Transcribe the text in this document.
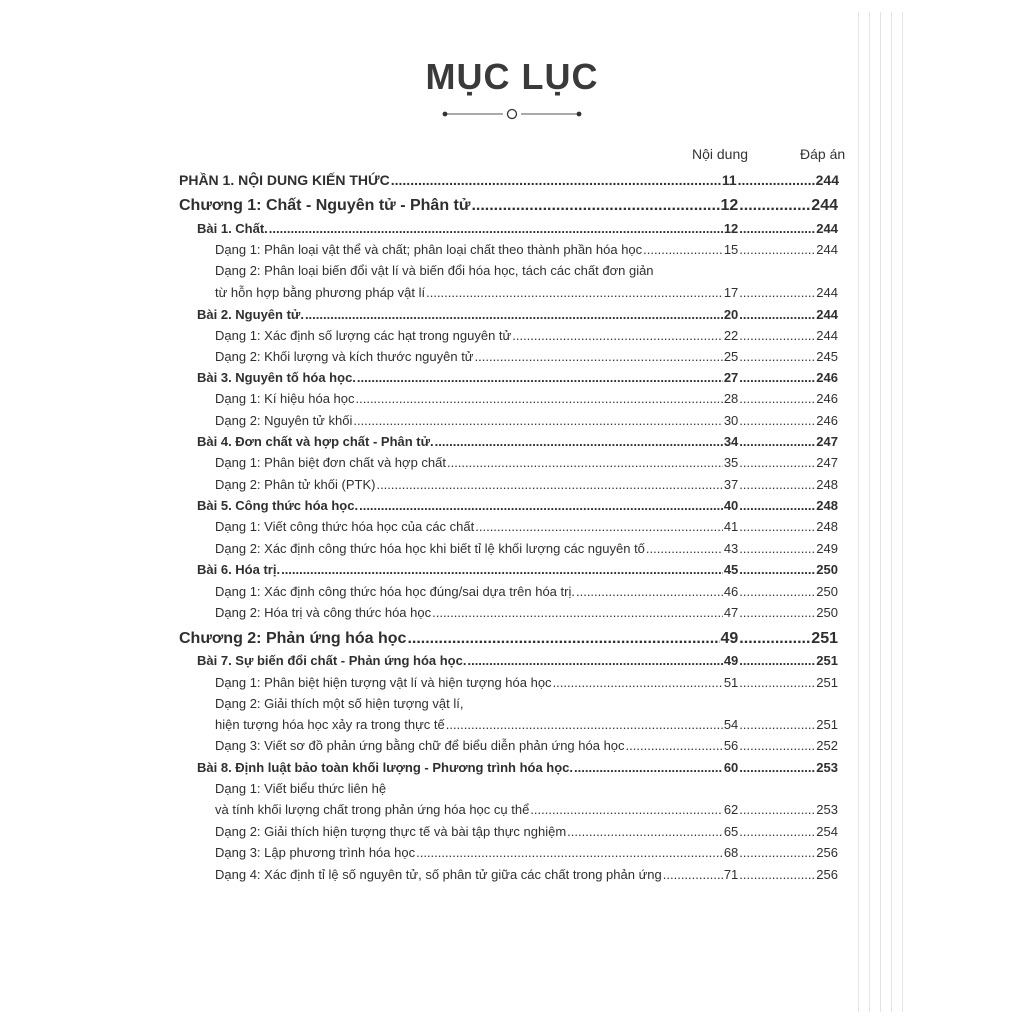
MỤC LỤC
Nội dung	Đáp án
PHẦN 1. NỘI DUNG KIẾN THỨC .....	11 .....	244
Chương 1: Chất - Nguyên tử - Phân tử .....	12 .....	244
Bài 1. Chất. .....	12 .....	244
Dạng 1: Phân loại vật thể và chất; phân loại chất theo thành phần hóa học .....	15 .....	244
Dạng 2: Phân loại biến đổi vật lí và biến đổi hóa học, tách các chất đơn giản
từ hỗn hợp bằng phương pháp vật lí .....	17 .....	244
Bài 2. Nguyên tử. .....	20 .....	244
Dạng 1: Xác định số lượng các hạt trong nguyên tử .....	22 .....	244
Dạng 2: Khối lượng và kích thước nguyên tử .....	25 .....	245
Bài 3. Nguyên tố hóa học. .....	27 .....	246
Dạng 1: Kí hiệu hóa học .....	28 .....	246
Dạng 2: Nguyên tử khối .....	30 .....	246
Bài 4. Đơn chất và hợp chất - Phân tử. .....	34 .....	247
Dạng 1: Phân biệt đơn chất và hợp chất .....	35 .....	247
Dạng 2: Phân tử khối (PTK) .....	37 .....	248
Bài 5. Công thức hóa học. .....	40 .....	248
Dạng 1: Viết công thức hóa học của các chất .....	41 .....	248
Dạng 2: Xác định công thức hóa học khi biết tỉ lệ khối lượng các nguyên tố .....	43 .....	249
Bài 6. Hóa trị. .....	45 .....	250
Dạng 1: Xác định công thức hóa học đúng/sai dựa trên hóa trị. .....	46 .....	250
Dạng 2: Hóa trị và công thức hóa học .....	47 .....	250
Chương 2: Phản ứng hóa học .....	49 .....	251
Bài 7. Sự biến đổi chất - Phản ứng hóa học. .....	49 .....	251
Dạng 1: Phân biệt hiện tượng vật lí và hiện tượng hóa học .....	51 .....	251
Dạng 2: Giải thích một số hiện tượng vật lí,
hiện tượng hóa học xảy ra trong thực tế .....	54 .....	251
Dạng 3: Viết sơ đồ phản ứng bằng chữ để biểu diễn phản ứng hóa học .....	56 .....	252
Bài 8. Định luật bảo toàn khối lượng - Phương trình hóa học. .....	60 .....	253
Dạng 1: Viết biểu thức liên hệ
và tính khối lượng chất trong phản ứng hóa học cụ thể .....	62 .....	253
Dạng 2: Giải thích hiện tượng thực tế và bài tập thực nghiệm .....	65 .....	254
Dạng 3: Lập phương trình hóa học .....	68 .....	256
Dạng 4: Xác định tỉ lệ số nguyên tử, số phân tử giữa các chất trong phản ứng .....	71 .....	256
